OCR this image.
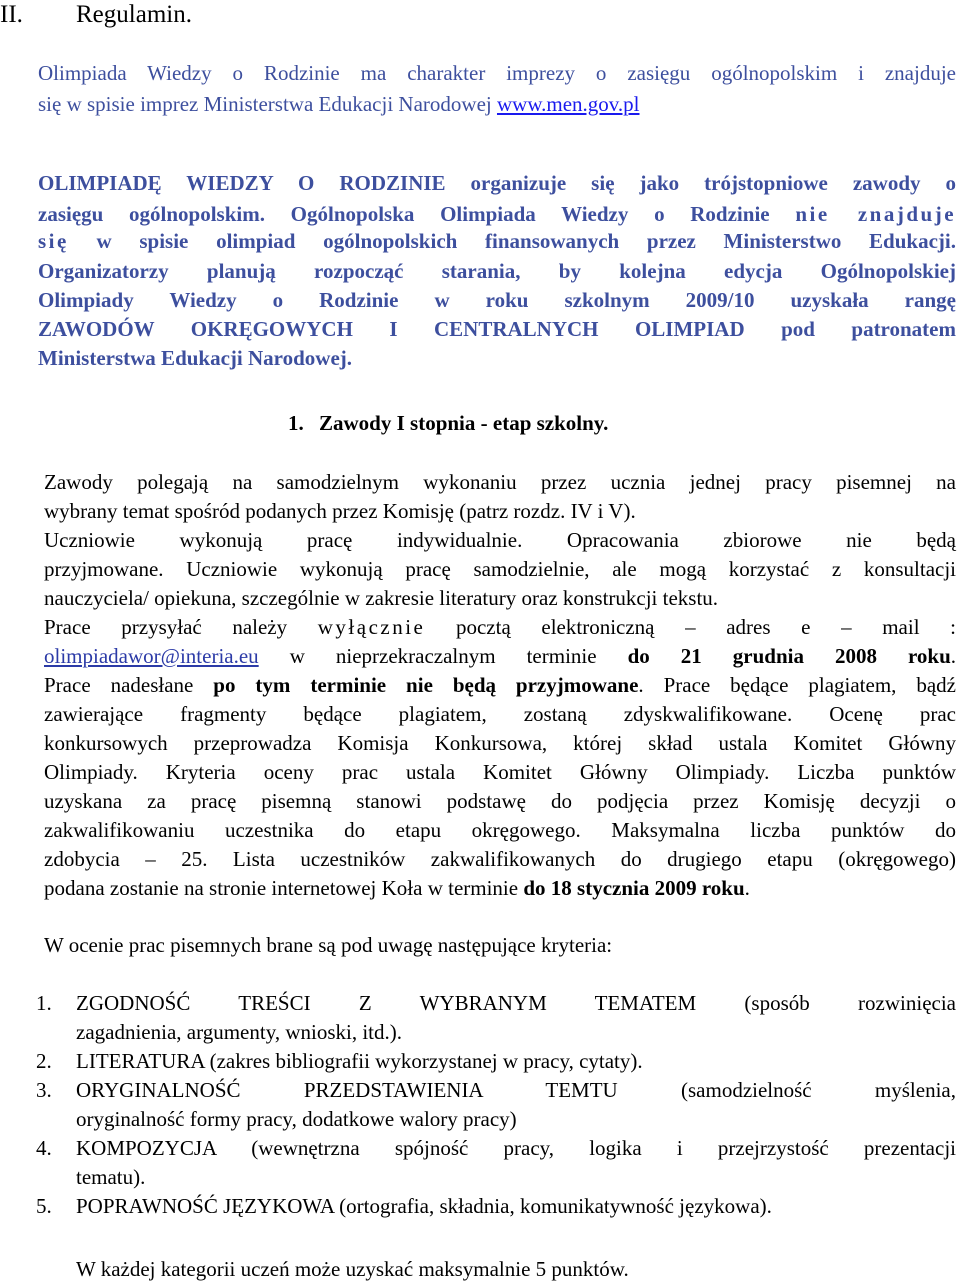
II. Regulamin.
Olimpiada Wiedzy o Rodzinie ma charakter imprezy o zasięgu ogólnopolskim i znajduje
się w spisie imprez Ministerstwa Edukacji Narodowej www.men.gov.pl
OLIMPIADĘ WIEDZY O RODZINIE organizuje się jako trójstopniowe zawody o
zasięgu ogólnopolskim. Ogólnopolska Olimpiada Wiedzy o Rodzinie nie znajduje
się w spisie olimpiad ogólnopolskich finansowanych przez Ministerstwo Edukacji.
Organizatorzy planują rozpocząć starania, by kolejna edycja Ogólnopolskiej
Olimpiady Wiedzy o Rodzinie w roku szkolnym 2009/10 uzyskała rangę
ZAWODÓW OKRĘGOWYCH I CENTRALNYCH OLIMPIAD pod patronatem
Ministerstwa Edukacji Narodowej.
1. Zawody I stopnia - etap szkolny.
Zawody polegają na samodzielnym wykonaniu przez ucznia jednej pracy pisemnej na
wybrany temat spośród podanych przez Komisję (patrz rozdz. IV i V).
Uczniowie wykonują pracę indywidualnie. Opracowania zbiorowe nie będą
przyjmowane. Uczniowie wykonują pracę samodzielnie, ale mogą korzystać z konsultacji
nauczyciela/ opiekuna, szczególnie w zakresie literatury oraz konstrukcji tekstu.
Prace przysyłać należy wyłącznie pocztą elektroniczną – adres e – mail :
olimpiadawor@interia.eu w nieprzekraczalnym terminie do 21 grudnia 2008 roku.
Prace nadesłane po tym terminie nie będą przyjmowane. Prace będące plagiatem, bądź
zawierające fragmenty będące plagiatem, zostaną zdyskwalifikowane. Ocenę prac
konkursowych przeprowadza Komisja Konkursowa, której skład ustala Komitet Główny
Olimpiady. Kryteria oceny prac ustala Komitet Główny Olimpiady. Liczba punktów
uzyskana za pracę pisemną stanowi podstawę do podjęcia przez Komisję decyzji o
zakwalifikowaniu uczestnika do etapu okręgowego. Maksymalna liczba punktów do
zdobycia – 25. Lista uczestników zakwalifikowanych do drugiego etapu (okręgowego)
podana zostanie na stronie internetowej Koła w terminie do 18 stycznia 2009 roku.
W ocenie prac pisemnych brane są pod uwagę następujące kryteria:
1. ZGODNOŚĆ TREŚCI Z WYBRANYM TEMATEM (sposób rozwinięcia
zagadnienia, argumenty, wnioski, itd.).
2. LITERATURA (zakres bibliografii wykorzystanej w pracy, cytaty).
3. ORYGINALNOŚĆ PRZEDSTAWIENIA TEMTU (samodzielność myślenia,
oryginalność formy pracy, dodatkowe walory pracy)
4. KOMPOZYCJA (wewnętrzna spójność pracy, logika i przejrzystość prezentacji
tematu).
5. POPRAWNOŚĆ JĘZYKOWA (ortografia, składnia, komunikatywność językowa).
W każdej kategorii uczeń może uzyskać maksymalnie 5 punktów.
